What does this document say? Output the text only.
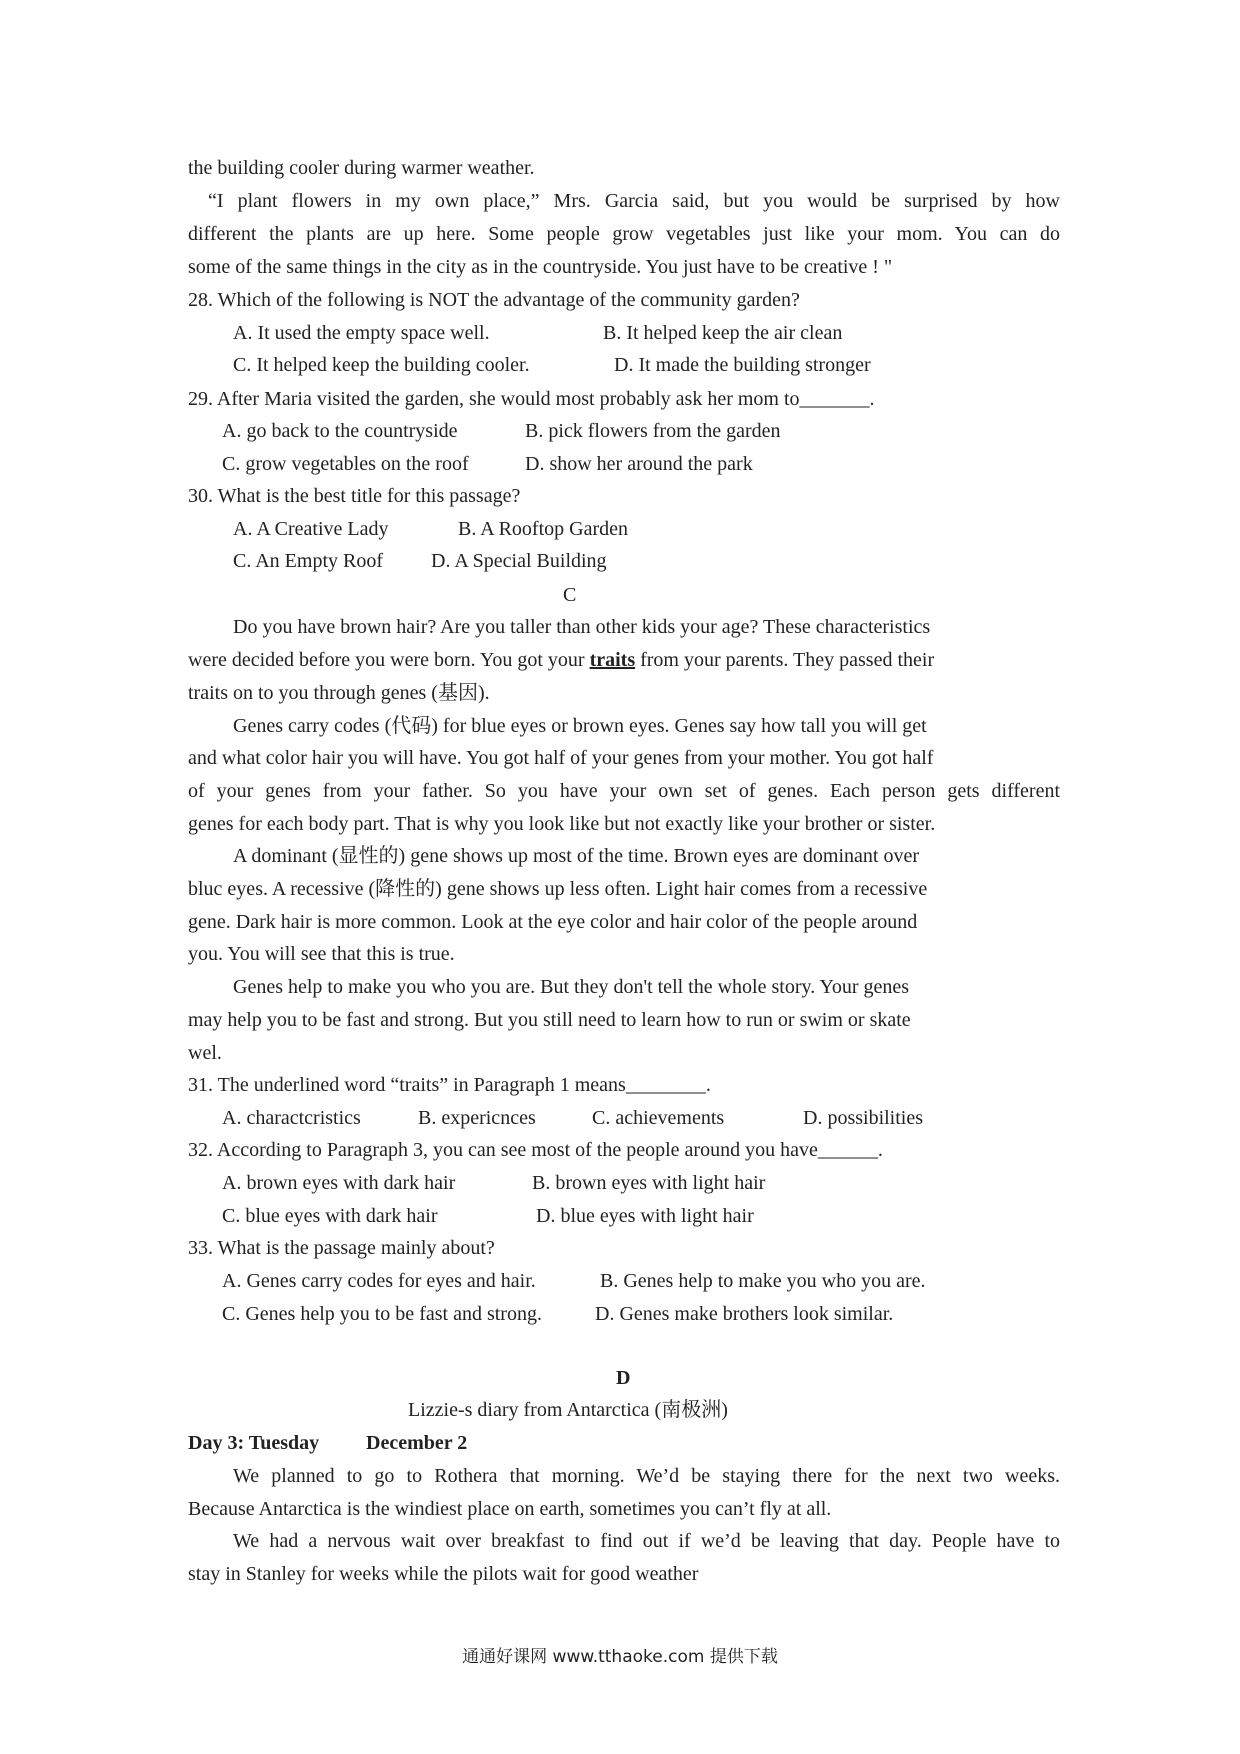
the building cooler during warmer weather.
“I plant flowers in my own place,” Mrs. Garcia said, but you would be surprised by how
different the plants are up here. Some people grow vegetables just like your mom. You can do
some of the same things in the city as in the countryside. You just have to be creative ! "
28. Which of the following is NOT the advantage of the community garden?
A. It used the empty space well.	B. It helped keep the air clean
C. It helped keep the building cooler.	D. It made the building stronger
29. After Maria visited the garden, she would most probably ask her mom to_______.
A. go back to the countryside	B. pick flowers from the garden
C. grow vegetables on the roof	D. show her around the park
30. What is the best title for this passage?
A. A Creative Lady	B. A Rooftop Garden
C. An Empty Roof D. A Special Building
C
Do you have brown hair? Are you taller than other kids your age? These characteristics
were decided before you were born. You got your traits from your parents. They passed their
traits on to you through genes (基因).
Genes carry codes (代码) for blue eyes or brown eyes. Genes say how tall you will get
and what color hair you will have. You got half of your genes from your mother. You got half
of your genes from your father. So you have your own set of genes. Each person gets different
genes for each body part. That is why you look like but not exactly like your brother or sister.
A dominant (显性的) gene shows up most of the time. Brown eyes are dominant over
bluc eyes. A recessive (降性的) gene shows up less often. Light hair comes from a recessive
gene. Dark hair is more common. Look at the eye color and hair color of the people around
you. You will see that this is true.
Genes help to make you who you are. But they don't tell the whole story. Your genes
may help you to be fast and strong. But you still need to learn how to run or swim or skate
wel.
31. The underlined word “traits” in Paragraph 1 means________.
A. charactcristics	B. expericnces	C. achievements	D. possibilities
32. According to Paragraph 3, you can see most of the people around you have______.
A. brown eyes with dark hair	B. brown eyes with light hair
C. blue eyes with dark hair	D. blue eyes with light hair
33. What is the passage mainly about?
A. Genes carry codes for eyes and hair.	B. Genes help to make you who you are.
C. Genes help you to be fast and strong.	D. Genes make brothers look similar.
D
Lizzie-s diary from Antarctica (南极洲)
Day 3: Tuesday December 2
We planned to go to Rothera that morning. We’d be staying there for the next two weeks.
Because Antarctica is the windiest place on earth, sometimes you can’t fly at all.
We had a nervous wait over breakfast to find out if we’d be leaving that day. People have to
stay in Stanley for weeks while the pilots wait for good weather
通通好课网 www.tthaoke.com 提供下载
